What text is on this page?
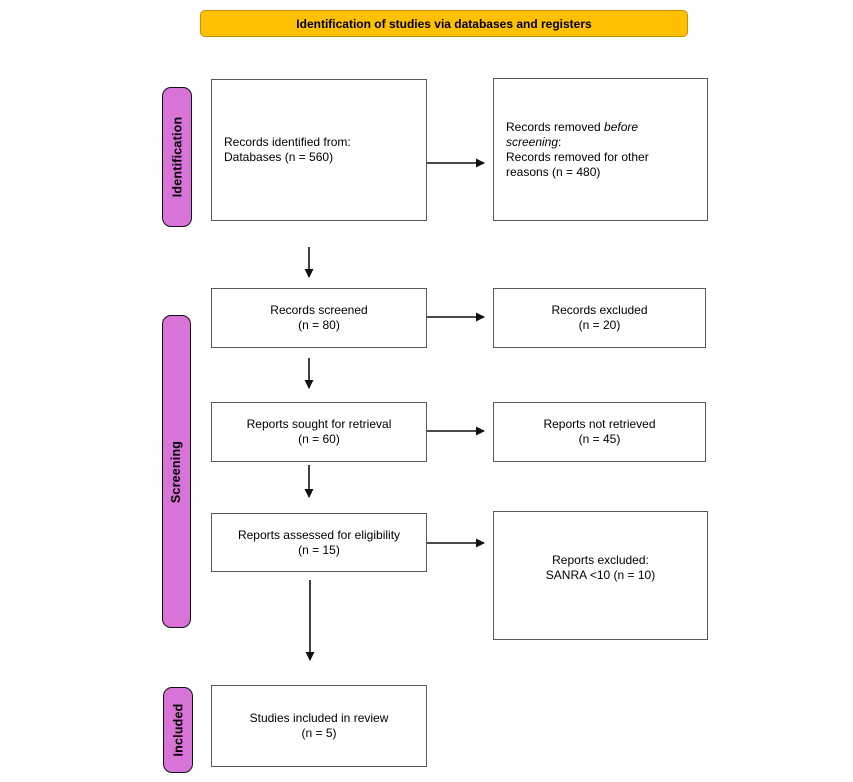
Identification of studies via databases and registers
Identification
Screening
Included
Records identified from:
Databases (n = 560)
Records removed before screening:
Records removed for other reasons (n = 480)
Records screened
(n = 80)
Records excluded
(n = 20)
Reports sought for retrieval
(n = 60)
Reports not retrieved
(n = 45)
Reports assessed for eligibility
(n = 15)
Reports excluded:
SANRA <10 (n = 10)
Studies included in review
(n = 5)
